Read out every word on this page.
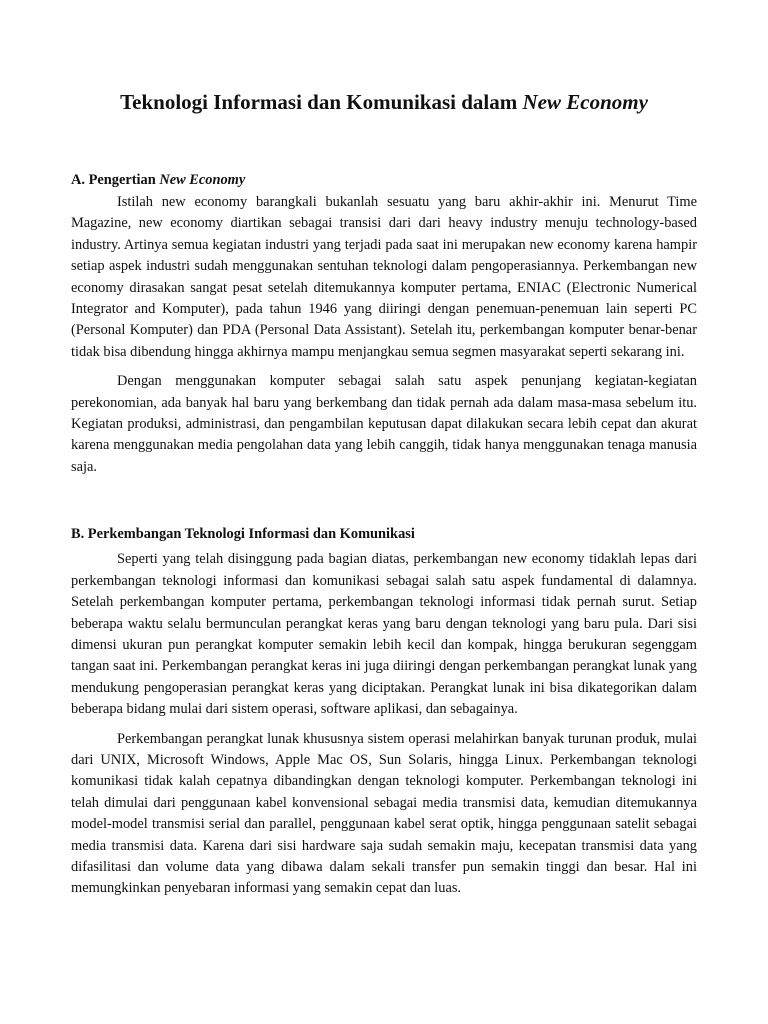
Teknologi Informasi dan Komunikasi dalam New Economy
A. Pengertian New Economy

Istilah new economy barangkali bukanlah sesuatu yang baru akhir-akhir ini. Menurut Time Magazine, new economy diartikan sebagai transisi dari dari heavy industry menuju technology-based industry. Artinya semua kegiatan industri yang terjadi pada saat ini merupakan new economy karena hampir setiap aspek industri sudah menggunakan sentuhan teknologi dalam pengoperasiannya. Perkembangan new economy dirasakan sangat pesat setelah ditemukannya komputer pertama, ENIAC (Electronic Numerical Integrator and Komputer), pada tahun 1946 yang diiringi dengan penemuan-penemuan lain seperti PC (Personal Komputer) dan PDA (Personal Data Assistant). Setelah itu, perkembangan komputer benar-benar tidak bisa dibendung hingga akhirnya mampu menjangkau semua segmen masyarakat seperti sekarang ini.

Dengan menggunakan komputer sebagai salah satu aspek penunjang kegiatan-kegiatan perekonomian, ada banyak hal baru yang berkembang dan tidak pernah ada dalam masa-masa sebelum itu. Kegiatan produksi, administrasi, dan pengambilan keputusan dapat dilakukan secara lebih cepat dan akurat karena menggunakan media pengolahan data yang lebih canggih, tidak hanya menggunakan tenaga manusia saja.

B. Perkembangan Teknologi Informasi dan Komunikasi

Seperti yang telah disinggung pada bagian diatas, perkembangan new economy tidaklah lepas dari perkembangan teknologi informasi dan komunikasi sebagai salah satu aspek fundamental di dalamnya. Setelah perkembangan komputer pertama, perkembangan teknologi informasi tidak pernah surut. Setiap beberapa waktu selalu bermunculan perangkat keras yang baru dengan teknologi yang baru pula. Dari sisi dimensi ukuran pun perangkat komputer semakin lebih kecil dan kompak, hingga berukuran segenggam tangan saat ini. Perkembangan perangkat keras ini juga diiringi dengan perkembangan perangkat lunak yang mendukung pengoperasian perangkat keras yang diciptakan. Perangkat lunak ini bisa dikategorikan dalam beberapa bidang mulai dari sistem operasi, software aplikasi, dan sebagainya.

Perkembangan perangkat lunak khususnya sistem operasi melahirkan banyak turunan produk, mulai dari UNIX, Microsoft Windows, Apple Mac OS, Sun Solaris, hingga Linux. Perkembangan teknologi komunikasi tidak kalah cepatnya dibandingkan dengan teknologi komputer. Perkembangan teknologi ini telah dimulai dari penggunaan kabel konvensional sebagai media transmisi data, kemudian ditemukannya model-model transmisi serial dan parallel, penggunaan kabel serat optik, hingga penggunaan satelit sebagai media transmisi data. Karena dari sisi hardware saja sudah semakin maju, kecepatan transmisi data yang difasilitasi dan volume data yang dibawa dalam sekali transfer pun semakin tinggi dan besar. Hal ini memungkinkan penyebaran informasi yang semakin cepat dan luas.
